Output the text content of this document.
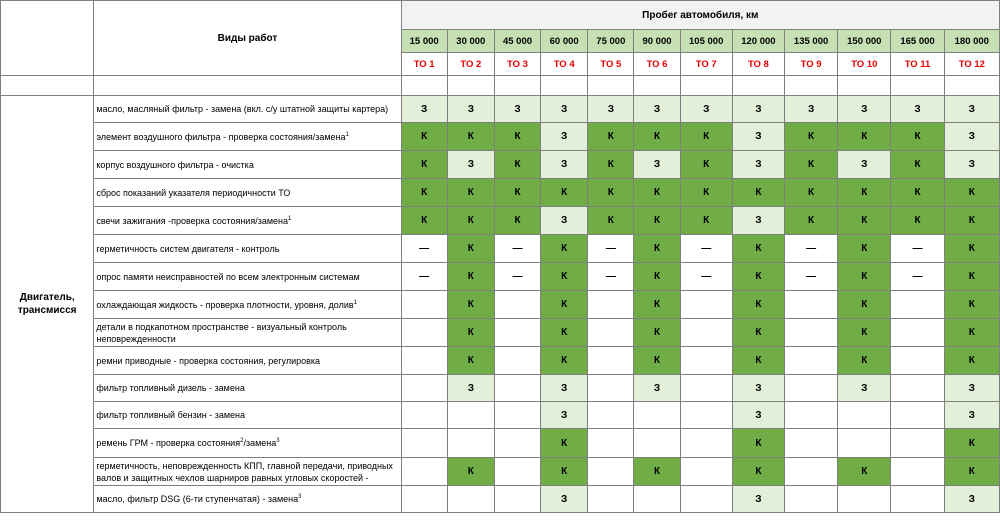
	Виды работ	Пробег автомобиля, км											
		15 000	30 000	45 000	60 000	75 000	90 000	105 000	120 000	135 000	150 000	165 000	180 000
		ТО 1	ТО 2	ТО 3	ТО 4	ТО 5	ТО 6	ТО 7	ТО 8	ТО 9	ТО 10	ТО 11	ТО 12

Двигатель,
трансмисся	масло, масляный фильтр - замена (вкл. с/у штатной защиты картера)	З	З	З	З	З	З	З	З	З	З	З	З
	элемент воздушного фильтра - проверка состояния/замена$^1$	К	К	К	З	К	К	К	З	К	К	К	З
	корпус воздушного фильтра - очистка	К	З	К	З	К	З	К	З	К	З	К	З
	сброс показаний указателя периодичности ТО	К	К	К	К	К	К	К	К	К	К	К	К
	свечи зажигания -проверка состояния/замена$^1$	К	К	К	З	К	К	К	З	К	К	К	К
	герметичность систем двигателя - контроль	—	К	—	К	—	К	—	К	—	К	—	К
	опрос памяти неисправностей по всем электронным системам	—	К	—	К	—	К	—	К	—	К	—	К
	охлаждающая жидкость - проверка плотности, уровня, долив$^1$		К		К		К		К		К		К
	детали в подкапотном пространстве - визуальный контроль неповрежденности		К		К		К		К		К		К
	ремни приводные - проверка состояния, регулировка		К		К		К		К		К		К
	фильтр топливный дизель - замена		З		З		З		З		З		З
	фильтр топливный бензин - замена				З				З				З
	ремень ГРМ - проверка состояния$^2$/замена$^3$				К				К				К
	герметичность, неповрежденность КПП, главной передачи, приводных валов и защитных чехлов шарниров равных угловых скоростей -		К		К		К		К		К		К
	масло, фильтр DSG (6-ти ступенчатая) - замена$^3$				З				З				З
